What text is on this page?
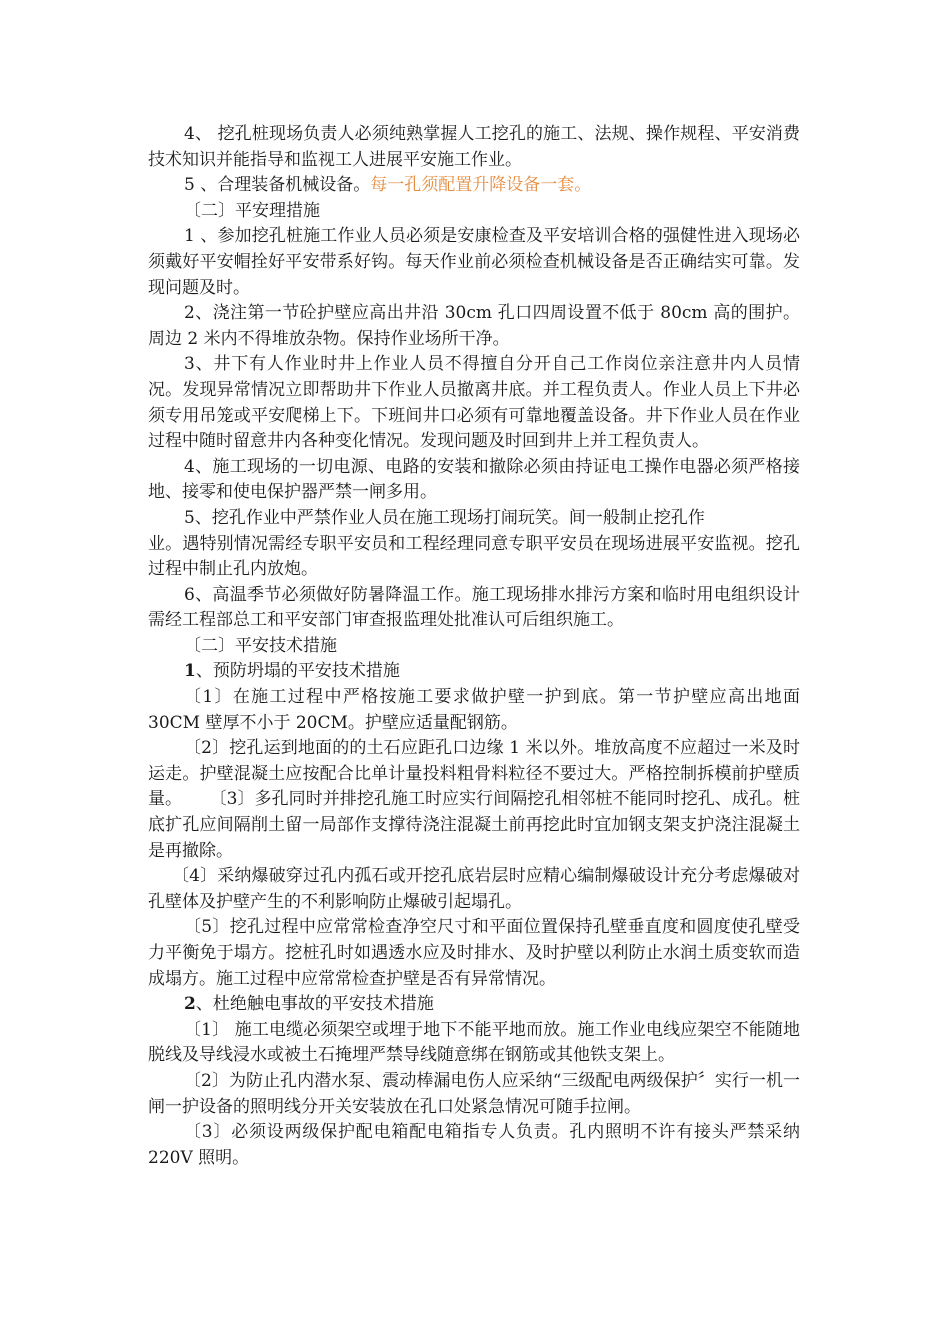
4、 挖孔桩现场负责人必须纯熟掌握人工挖孔的施工、法规、操作规程、平安消费技术知识并能指导和监视工人进展平安施工作业。

5 、合理装备机械设备。每一孔须配置升降设备一套。

〔二〕平安理措施

1 、参加挖孔桩施工作业人员必须是安康检查及平安培训合格的强健性进入现场必须戴好平安帽拴好平安带系好钩。每天作业前必须检查机械设备是否正确结实可靠。发现问题及时。

2、浇注第一节砼护壁应高出井沿 30cm 孔口四周设置不低于 80cm 高的围护。周边 2 米内不得堆放杂物。保持作业场所干净。

3、井下有人作业时井上作业人员不得擅自分开自己工作岗位亲注意井内人员情况。发现异常情况立即帮助井下作业人员撤离井底。并工程负责人。作业人员上下井必须专用吊笼或平安爬梯上下。下班间井口必须有可靠地覆盖设备。井下作业人员在作业过程中随时留意井内各种变化情况。发现问题及时回到井上并工程负责人。

4、施工现场的一切电源、电路的安装和撤除必须由持证电工操作电器必须严格接地、接零和使电保护器严禁一闸多用。

5、挖孔作业中严禁作业人员在施工现场打闹玩笑。间一般制止挖孔作

业。遇特别情况需经专职平安员和工程经理同意专职平安员在现场进展平安监视。挖孔过程中制止孔内放炮。

6、高温季节必须做好防暑降温工作。施工现场排水排污方案和临时用电组织设计需经工程部总工和平安部门审查报监理处批准认可后组织施工。

〔二〕平安技术措施

1、预防坍塌的平安技术措施

〔1〕在施工过程中严格按施工要求做护壁一护到底。第一节护壁应高出地面 30CM 壁厚不小于 20CM。护壁应适量配钢筋。

〔2〕挖孔运到地面的的土石应距孔口边缘 1 米以外。堆放高度不应超过一米及时运走。护壁混凝土应按配合比单计量投料粗骨料粒径不要过大。严格控制拆模前护壁质量。 〔3〕多孔同时并排挖孔施工时应实行间隔挖孔相邻桩不能同时挖孔、成孔。桩底扩孔应间隔削土留一局部作支撑待浇注混凝土前再挖此时宜加钢支架支护浇注混凝土是再撤除。

〔4〕采纳爆破穿过孔内孤石或开挖孔底岩层时应精心编制爆破设计充分考虑爆破对孔壁体及护壁产生的不利影响防止爆破引起塌孔。

〔5〕挖孔过程中应常常检查净空尺寸和平面位置保持孔壁垂直度和圆度使孔壁受力平衡免于塌方。挖桩孔时如遇透水应及时排水、及时护壁以利防止水润土质变软而造成塌方。施工过程中应常常检查护壁是否有异常情况。

2、杜绝触电事故的平安技术措施

〔1〕 施工电缆必须架空或埋于地下不能平地而放。施工作业电线应架空不能随地脱线及导线浸水或被土石掩埋严禁导线随意绑在钢筋或其他铁支架上。

〔2〕为防止孔内潜水泵、震动棒漏电伤人应采纳“三级配电两级保护〞实行一机一闸一护设备的照明线分开关安装放在孔口处紧急情况可随手拉闸。

〔3〕必须设两级保护配电箱配电箱指专人负责。孔内照明不许有接头严禁采纳 220V 照明。
